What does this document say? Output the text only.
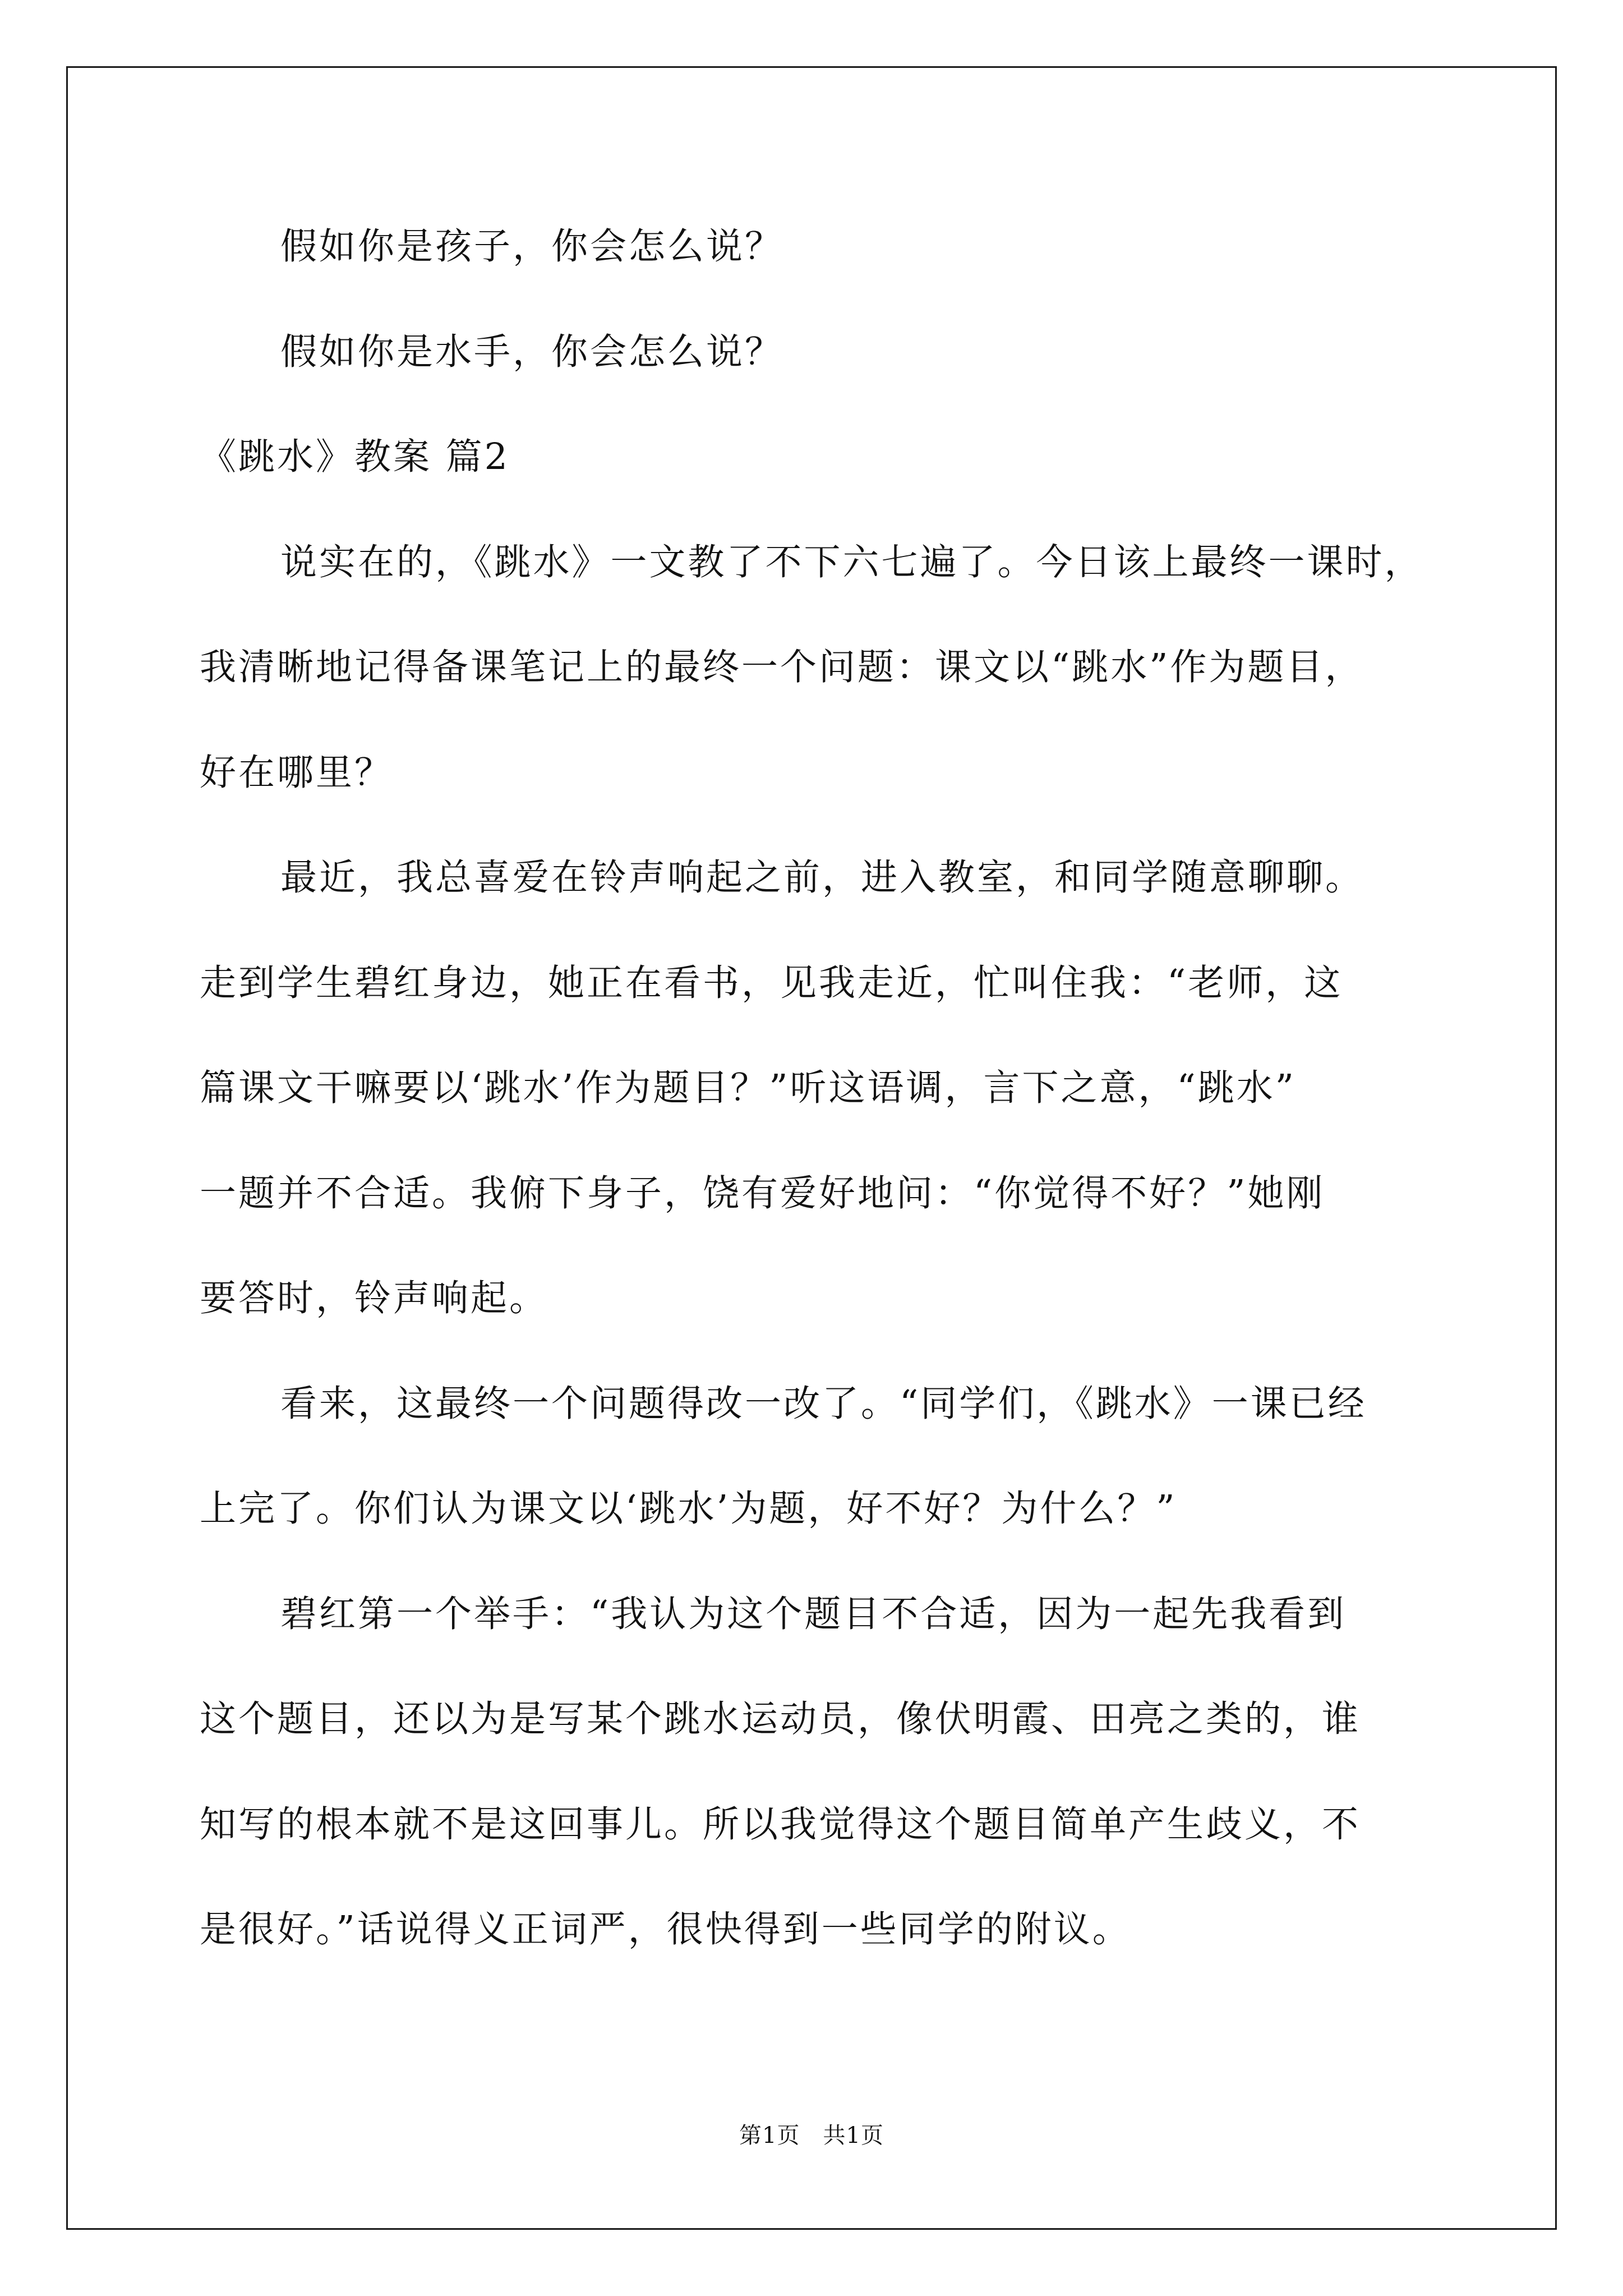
假如你是孩子，你会怎么说？
假如你是水手，你会怎么说？
《跳水》教案 篇2
说实在的，《跳水》一文教了不下六七遍了。今日该上最终一课时，
我清晰地记得备课笔记上的最终一个问题：课文以“跳水”作为题目，
好在哪里？
最近，我总喜爱在铃声响起之前，进入教室，和同学随意聊聊。
走到学生碧红身边，她正在看书，见我走近，忙叫住我：“老师，这
篇课文干嘛要以‘跳水’作为题目？”听这语调，言下之意，“跳水”
一题并不合适。我俯下身子，饶有爱好地问：“你觉得不好？”她刚
要答时，铃声响起。
看来，这最终一个问题得改一改了。“同学们，《跳水》一课已经
上完了。你们认为课文以‘跳水’为题，好不好？为什么？”
碧红第一个举手：“我认为这个题目不合适，因为一起先我看到
这个题目，还以为是写某个跳水运动员，像伏明霞、田亮之类的，谁
知写的根本就不是这回事儿。所以我觉得这个题目简单产生歧义，不
是很好。”话说得义正词严，很快得到一些同学的附议。
第1页　共1页
